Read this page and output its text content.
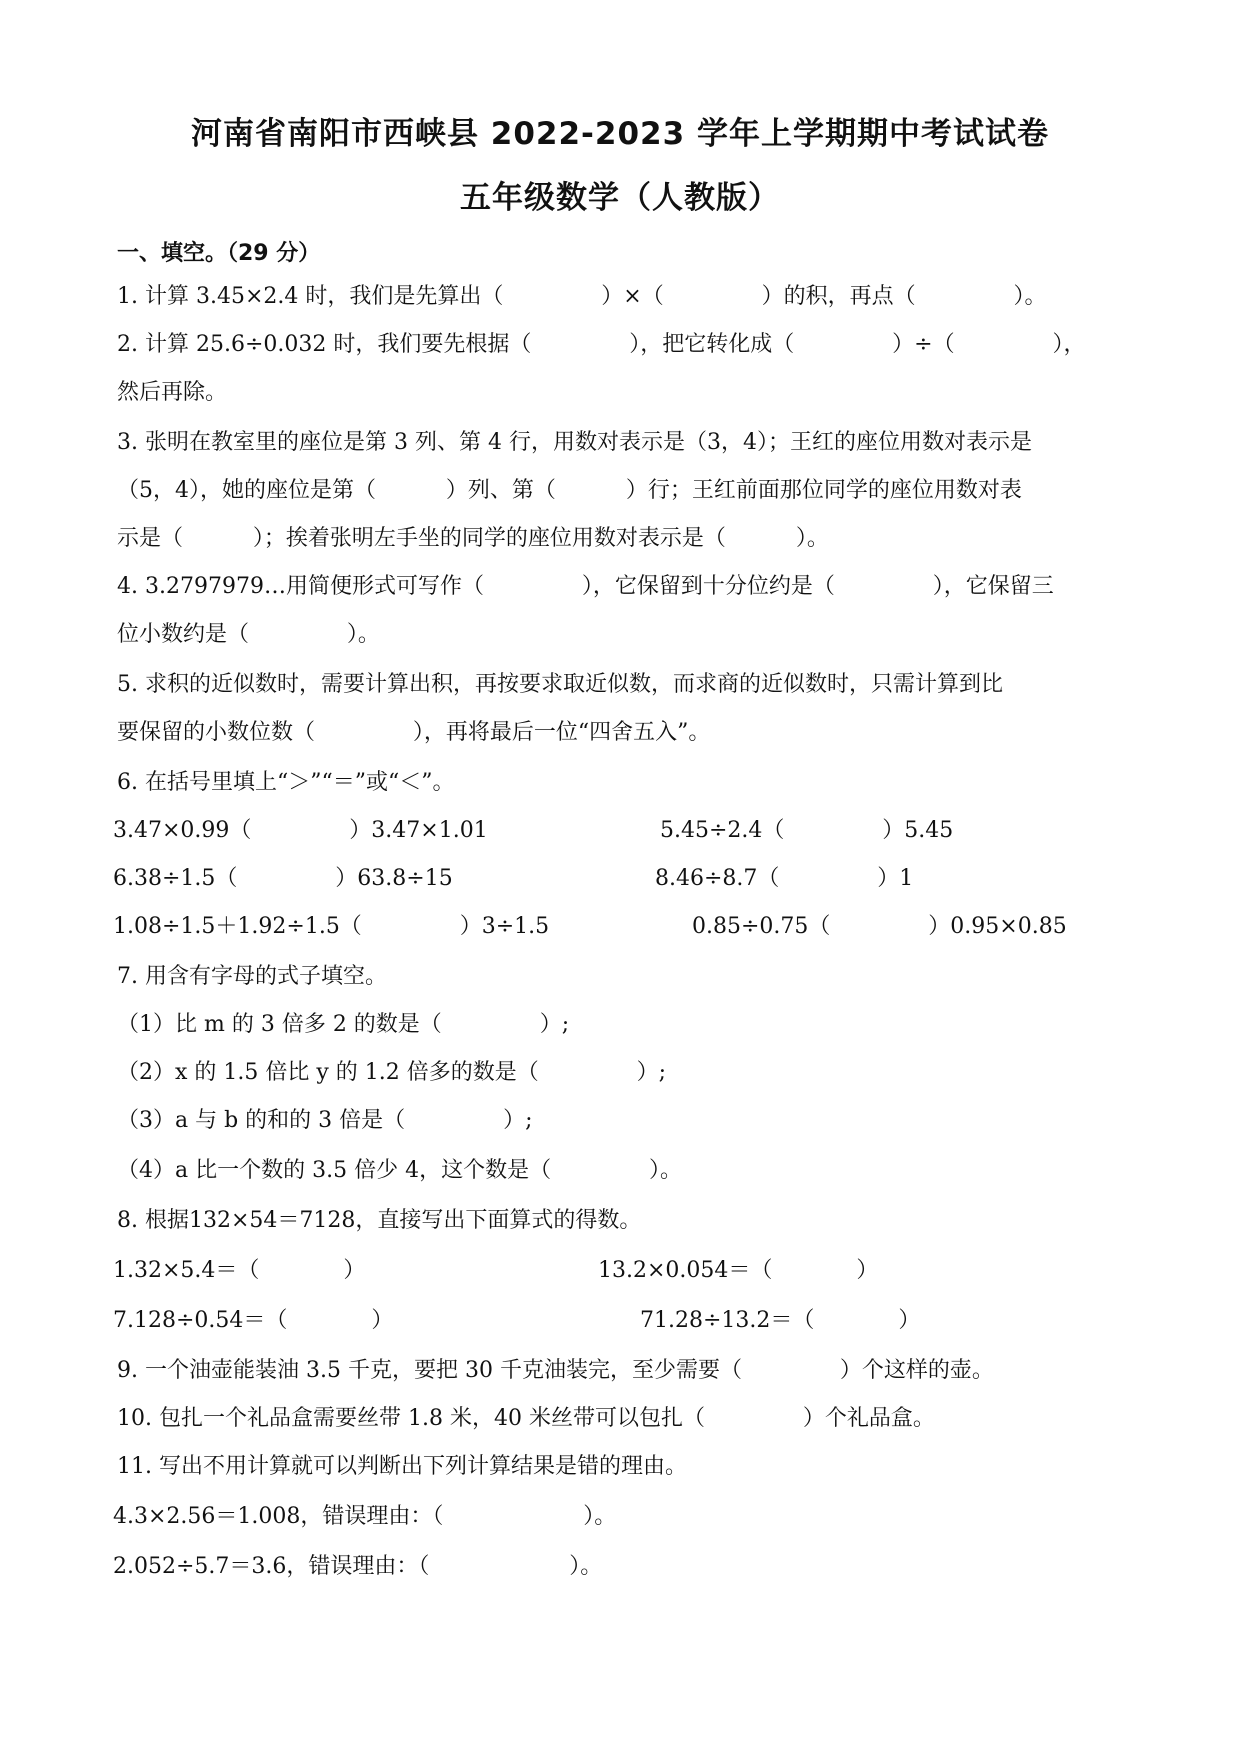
河南省南阳市西峡县 2022-2023 学年上学期期中考试试卷
五年级数学（人教版）
一、填空。（29 分）
1. 计算 3.45×2.4 时，我们是先算出（              ）×（              ）的积，再点（              ）。
2. 计算 25.6÷0.032 时，我们要先根据（              ），把它转化成（              ）÷（              ），
然后再除。
3. 张明在教室里的座位是第 3 列、第 4 行，用数对表示是（3，4）；王红的座位用数对表示是
（5，4），她的座位是第（          ）列、第（          ）行；王红前面那位同学的座位用数对表
示是（          ）；挨着张明左手坐的同学的座位用数对表示是（          ）。
4. 3.2797979…用简便形式可写作（              ），它保留到十分位约是（              ），它保留三
位小数约是（              ）。
5. 求积的近似数时，需要计算出积，再按要求取近似数，而求商的近似数时，只需计算到比
要保留的小数位数（              ），再将最后一位“四舍五入”。
6. 在括号里填上“＞”“＝”或“＜”。
3.47×0.99（              ）3.47×1.01	5.45÷2.4（              ）5.45
6.38÷1.5（              ）63.8÷15	8.46÷8.7（              ）1
1.08÷1.5＋1.92÷1.5（              ）3÷1.5	0.85÷0.75（              ）0.95×0.85
7. 用含有字母的式子填空。
（1）比 m 的 3 倍多 2 的数是（              ）;
（2）x 的 1.5 倍比 y 的 1.2 倍多的数是（              ）;
（3）a 与 b 的和的 3 倍是（              ）;
（4）a 比一个数的 3.5 倍少 4，这个数是（              ）。
8. 根据132×54＝7128，直接写出下面算式的得数。
1.32×5.4＝（            ）	13.2×0.054＝（            ）
7.128÷0.54＝（            ）	71.28÷13.2＝（            ）
9. 一个油壶能装油 3.5 千克，要把 30 千克油装完，至少需要（              ）个这样的壶。
10. 包扎一个礼品盒需要丝带 1.8 米，40 米丝带可以包扎（              ）个礼品盒。
11. 写出不用计算就可以判断出下列计算结果是错的理由。
4.3×2.56＝1.008，错误理由：（                    ）。
2.052÷5.7＝3.6，错误理由：（                    ）。
